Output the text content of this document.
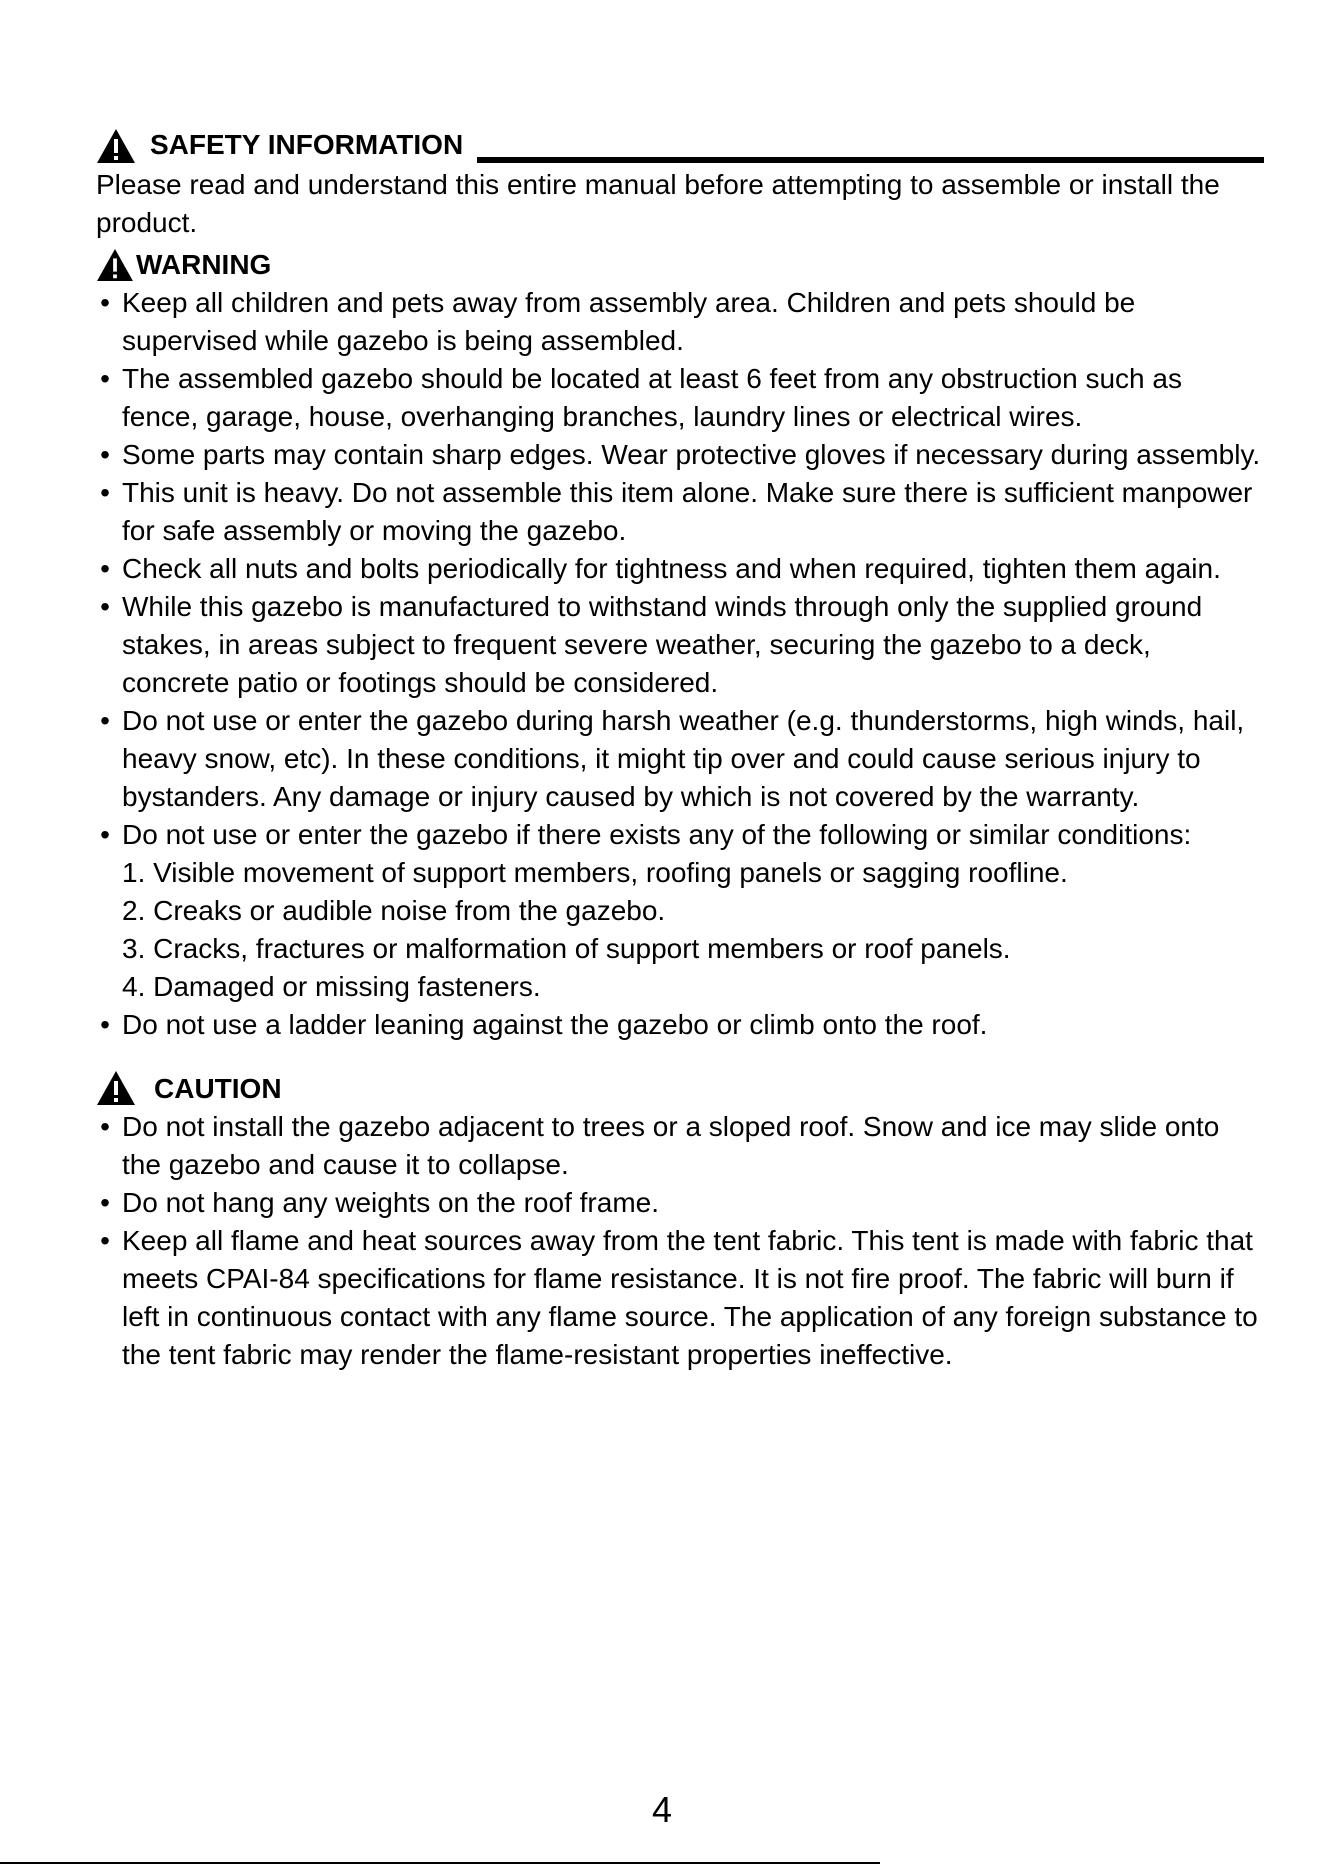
SAFETY INFORMATION

Please read and understand this entire manual before attempting to assemble or install the product.

WARNING
• Keep all children and pets away from assembly area. Children and pets should be supervised while gazebo is being assembled.
• The assembled gazebo should be located at least 6 feet from any obstruction such as fence, garage, house, overhanging branches, laundry lines or electrical wires.
• Some parts may contain sharp edges. Wear protective gloves if necessary during assembly.
• This unit is heavy. Do not assemble this item alone. Make sure there is sufficient manpower for safe assembly or moving the gazebo.
• Check all nuts and bolts periodically for tightness and when required, tighten them again.
• While this gazebo is manufactured to withstand winds through only the supplied ground stakes, in areas subject to frequent severe weather, securing the gazebo to a deck, concrete patio or footings should be considered.
• Do not use or enter the gazebo during harsh weather (e.g. thunderstorms, high winds, hail, heavy snow, etc). In these conditions, it might tip over and could cause serious injury to bystanders. Any damage or injury caused by which is not covered by the warranty.
• Do not use or enter the gazebo if there exists any of the following or similar conditions:
1. Visible movement of support members, roofing panels or sagging roofline.
2. Creaks or audible noise from the gazebo.
3. Cracks, fractures or malformation of support members or roof panels.
4. Damaged or missing fasteners.
• Do not use a ladder leaning against the gazebo or climb onto the roof.
CAUTION
• Do not install the gazebo adjacent to trees or a sloped roof. Snow and ice may slide onto the gazebo and cause it to collapse.
• Do not hang any weights on the roof frame.
• Keep all flame and heat sources away from the tent fabric. This tent is made with fabric that meets CPAI-84 specifications for flame resistance. It is not fire proof. The fabric will burn if left in continuous contact with any flame source. The application of any foreign substance to the tent fabric may render the flame-resistant properties ineffective.
4
